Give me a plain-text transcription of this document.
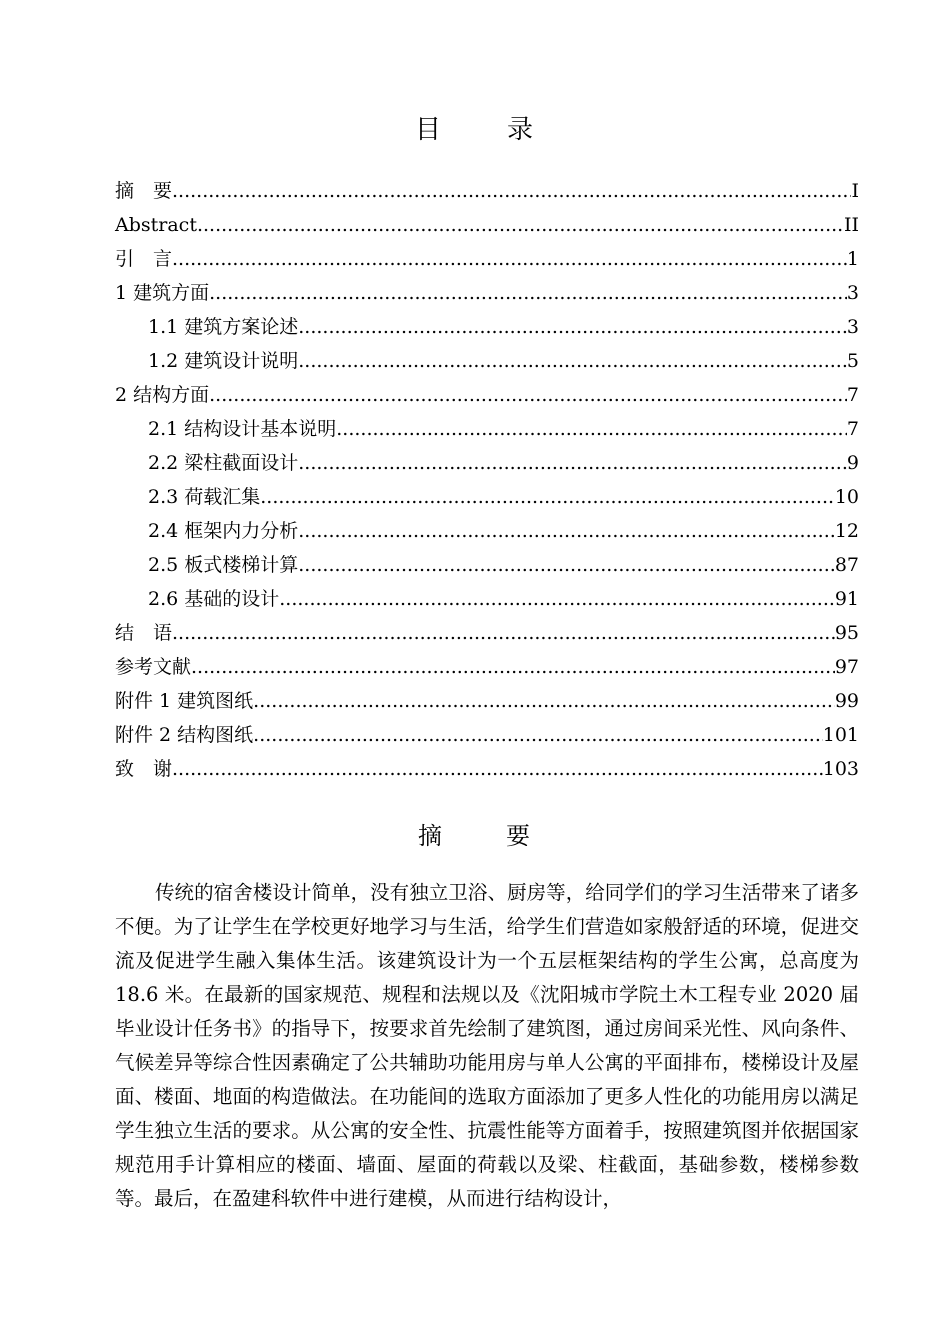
目　录
摘　要 .....	I
Abstract .....	II
引　言 .....	1
1 建筑方面 .....	3
1.1 建筑方案论述 .....	3
1.2 建筑设计说明 .....	5
2 结构方面 .....	7
2.1 结构设计基本说明 .....	7
2.2 梁柱截面设计 .....	9
2.3 荷载汇集 .....	10
2.4 框架内力分析 .....	12
2.5 板式楼梯计算 .....	87
2.6 基础的设计 .....	91
结　语 .....	95
参考文献 .....	97
附件 1 建筑图纸 .....	99
附件 2 结构图纸 .....	101
致　谢 .....	103
摘　要

传统的宿舍楼设计简单，没有独立卫浴、厨房等，给同学们的学习生活带来了诸多不便。为了让学生在学校更好地学习与生活，给学生们营造如家般舒适的环境，促进交流及促进学生融入集体生活。该建筑设计为一个五层框架结构的学生公寓，总高度为 18.6 米。在最新的国家规范、规程和法规以及《沈阳城市学院土木工程专业 2020 届毕业设计任务书》的指导下，按要求首先绘制了建筑图，通过房间采光性、风向条件、气候差异等综合性因素确定了公共辅助功能用房与单人公寓的平面排布，楼梯设计及屋面、楼面、地面的构造做法。在功能间的选取方面添加了更多人性化的功能用房以满足学生独立生活的要求。从公寓的安全性、抗震性能等方面着手，按照建筑图并依据国家规范用手计算相应的楼面、墙面、屋面的荷载以及梁、柱截面，基础参数，楼梯参数等。最后，在盈建科软件中进行建模，从而进行结构设计，
